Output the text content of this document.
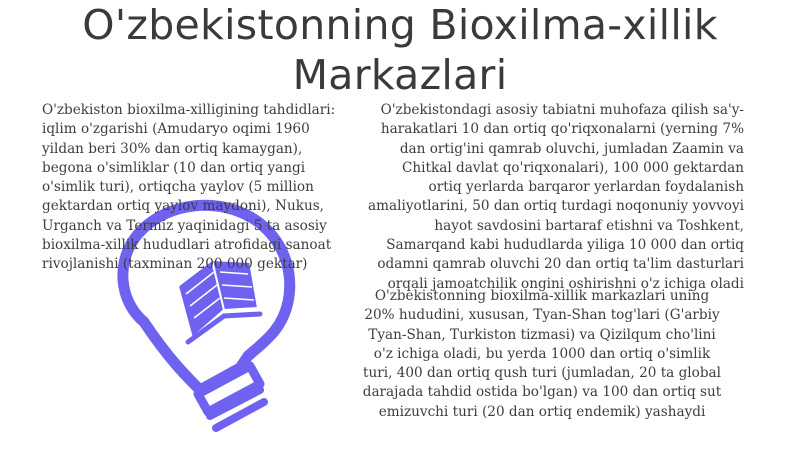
O'zbekistonning Bioxilma-xillik Markazlari

O'zbekiston bioxilma-xilligining tahdidlari: iqlim o'zgarishi (Amudaryo oqimi 1960 yildan beri 30% dan ortiq kamaygan), begona o'simliklar (10 dan ortiq yangi o'simlik turi), ortiqcha yaylov (5 million gektardan ortiq yaylov maydoni), Nukus, Urganch va Termiz yaqinidagi 5 ta asosiy bioxilma-xillik hududlari atrofidagi sanoat rivojlanishi (taxminan 200 000 gektar)

O'zbekistondagi asosiy tabiatni muhofaza qilish sa'y-harakatlari 10 dan ortiq qo'riqxonalarni (yerning 7% dan ortig'ini qamrab oluvchi, jumladan Zaamin va Chitkal davlat qo'riqxonalari), 100 000 gektardan ortiq yerlarda barqaror yerlardan foydalanish amaliyotlarini, 50 dan ortiq turdagi noqonuniy yovvoyi hayot savdosini bartaraf etishni va Toshkent, Samarqand kabi hududlarda yiliga 10 000 dan ortiq odamni qamrab oluvchi 20 dan ortiq ta'lim dasturlari orqali jamoatchilik ongini oshirishni o'z ichiga oladi

O'zbekistonning bioxilma-xillik markazlari uning 20% hududini, xususan, Tyan-Shan tog'lari (G'arbiy Tyan-Shan, Turkiston tizmasi) va Qizilqum cho'lini o'z ichiga oladi, bu yerda 1000 dan ortiq o'simlik turi, 400 dan ortiq qush turi (jumladan, 20 ta global darajada tahdid ostida bo'lgan) va 100 dan ortiq sut emizuvchi turi (20 dan ortiq endemik) yashaydi
